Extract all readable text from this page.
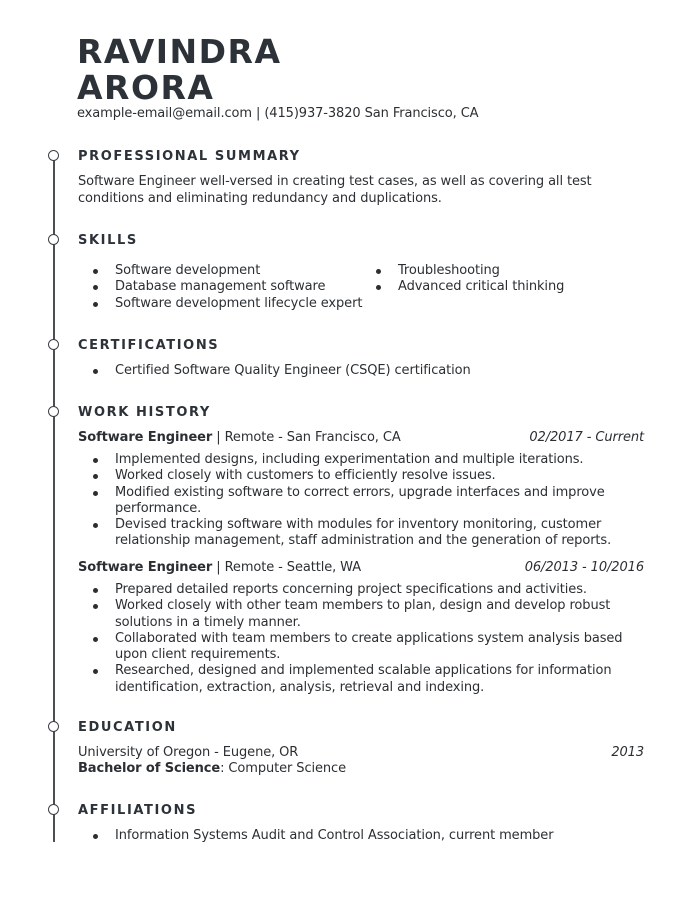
RAVINDRA
ARORA
example-email@email.com | (415)937-3820 San Francisco, CA
PROFESSIONAL SUMMARY
Software Engineer well-versed in creating test cases, as well as covering all test conditions and eliminating redundancy and duplications.
SKILLS
Software development
Database management software
Software development lifecycle expert
Troubleshooting
Advanced critical thinking
CERTIFICATIONS
Certified Software Quality Engineer (CSQE) certification
WORK HISTORY
Software Engineer | Remote - San Francisco, CA	02/2017 - Current
Implemented designs, including experimentation and multiple iterations.
Worked closely with customers to efficiently resolve issues.
Modified existing software to correct errors, upgrade interfaces and improve performance.
Devised tracking software with modules for inventory monitoring, customer relationship management, staff administration and the generation of reports.
Software Engineer | Remote - Seattle, WA	06/2013 - 10/2016
Prepared detailed reports concerning project specifications and activities.
Worked closely with other team members to plan, design and develop robust solutions in a timely manner.
Collaborated with team members to create applications system analysis based upon client requirements.
Researched, designed and implemented scalable applications for information identification, extraction, analysis, retrieval and indexing.
EDUCATION
University of Oregon - Eugene, OR	2013
Bachelor of Science: Computer Science
AFFILIATIONS
Information Systems Audit and Control Association, current member
